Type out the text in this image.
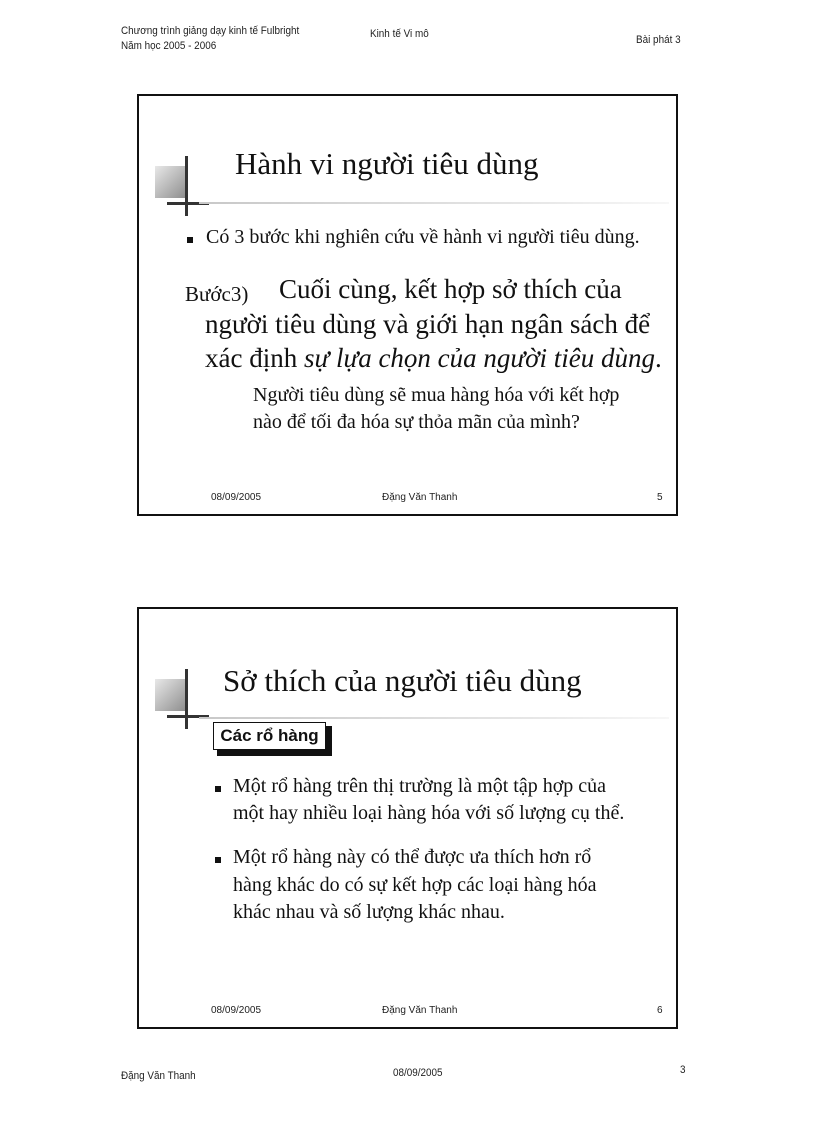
Chương trình giảng dạy kinh tế Fulbright
Năm học 2005 - 2006
Kinh tế Vi mô	Bài phát 3
Hành vi người tiêu dùng
Có 3 bước khi nghiên cứu về hành vi người tiêu dùng.
Bước3) Cuối cùng, kết hợp sở thích của
người tiêu dùng và giới hạn ngân sách để
xác định sự lựa chọn của người tiêu dùng.
Người tiêu dùng sẽ mua hàng hóa với kết hợp
nào để tối đa hóa sự thỏa mãn của mình?
08/09/2005	Đặng Văn Thanh	5
Sở thích của người tiêu dùng
Các rổ hàng
Một rổ hàng trên thị trường là một tập hợp của
một hay nhiều loại hàng hóa với số lượng cụ thể.
Một rổ hàng này có thể được ưa thích hơn rổ
hàng khác do có sự kết hợp các loại hàng hóa
khác nhau và số lượng khác nhau.
08/09/2005	Đặng Văn Thanh	6
Đặng Văn Thanh	08/09/2005	3
